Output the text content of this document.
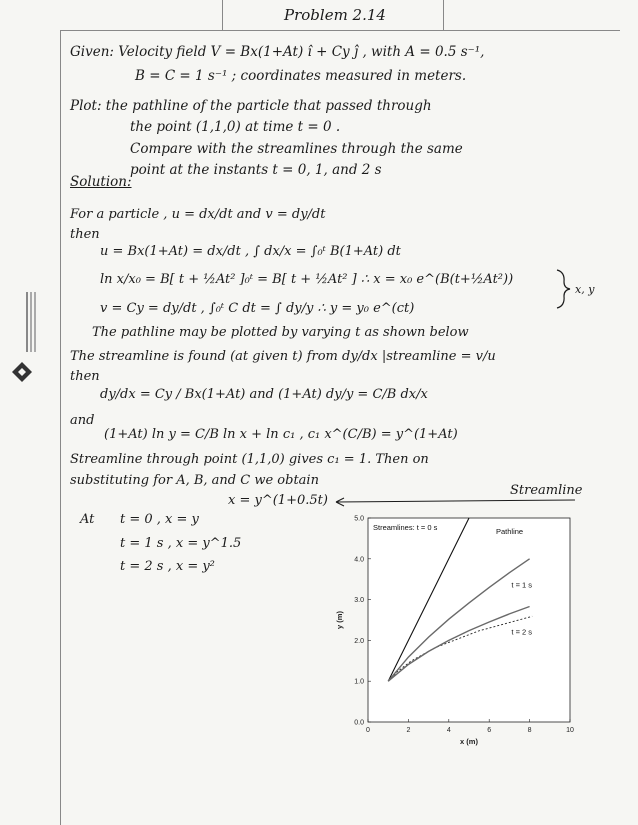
Problem 2.14
Given: Velocity field V = Bx(1+At) î + Cy ĵ , with A = 0.5 s⁻¹,
B = C = 1 s⁻¹ ; coordinates measured in meters.
Plot: the pathline of the particle that passed through
the point (1,1,0) at time t = 0 .
Compare with the streamlines through the same
point at the instants t = 0, 1, and 2 s
Solution:
For a particle , u = dx/dt and v = dy/dt
then
u = Bx(1+At) = dx/dt , ∫ dx/x = ∫₀ᵗ B(1+At) dt
ln x/x₀ = B[ t + ½At² ]₀ᵗ = B[ t + ½At² ] ∴ x = x₀ e^(B(t+½At²))
v = Cy = dy/dt , ∫₀ᵗ C dt = ∫ dy/y ∴ y = y₀ e^(ct)
x, y
The pathline may be plotted by varying t as shown below
The streamline is found (at given t) from dy/dx |streamline = v/u
then
dy/dx = Cy / Bx(1+At) and (1+At) dy/y = C/B dx/x
and
(1+At) ln y = C/B ln x + ln c₁ , c₁ x^(C/B) = y^(1+At)
Streamline through point (1,1,0) gives c₁ = 1. Then on
substituting for A, B, and C we obtain
x = y^(1+0.5t)
Streamline
At t = 0 , x = y
t = 1 s , x = y^1.5
t = 2 s , x = y²
0	2	4	6	8	10
0.0
1.0
2.0
3.0
4.0
5.0
x (m)
y (m)
Streamlines: t = 0 s	Pathline
t = 1 s
t = 2 s
